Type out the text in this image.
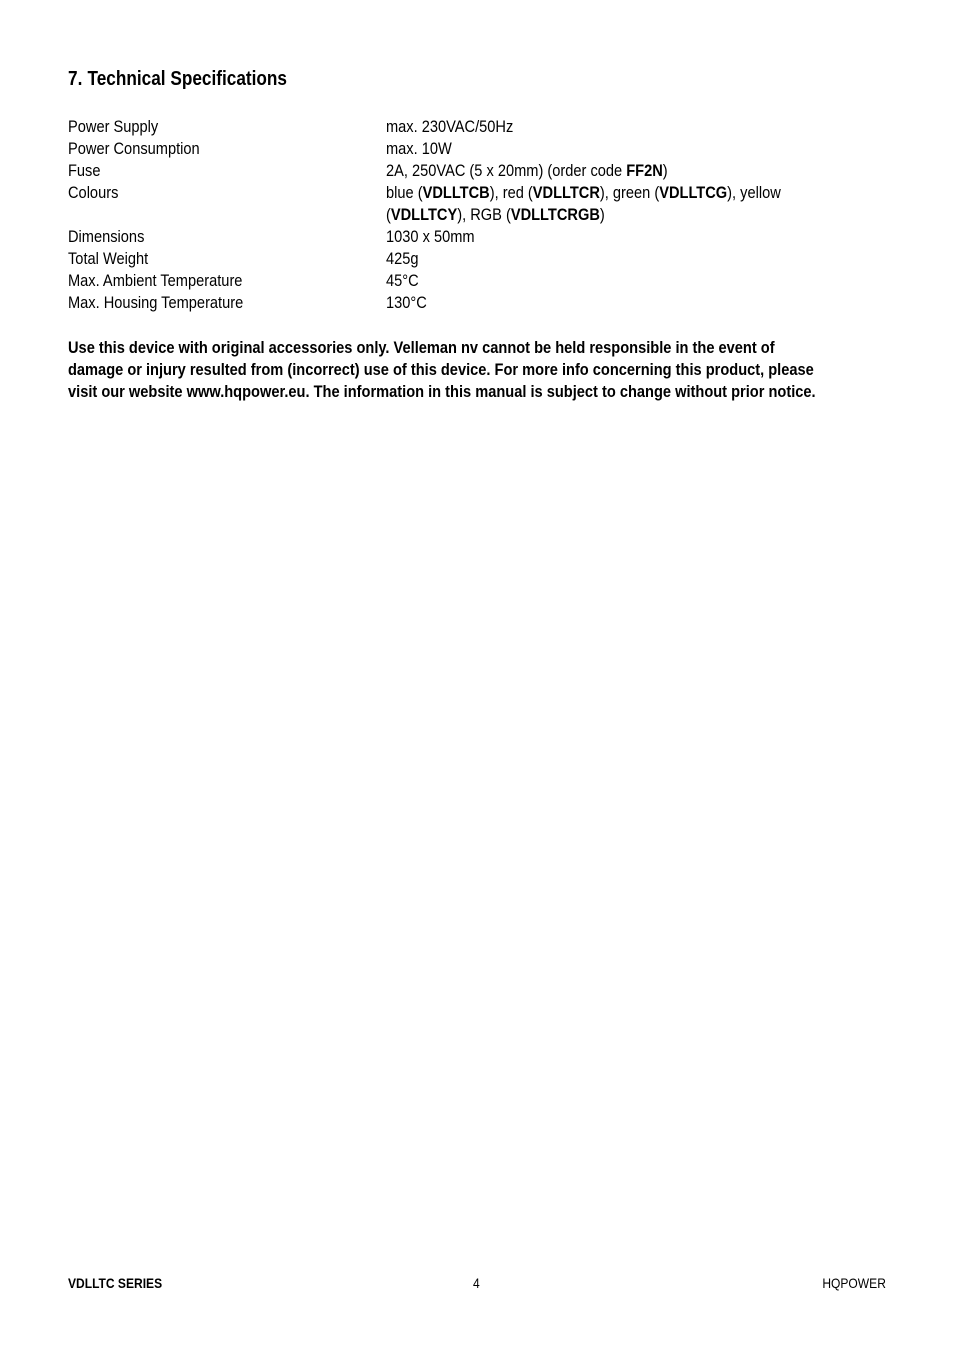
7. Technical Specifications
Power Supply	max. 230VAC/50Hz
Power Consumption	max. 10W
Fuse	2A, 250VAC (5 x 20mm) (order code FF2N)
Colours	blue (VDLLTCB), red (VDLLTCR), green (VDLLTCG), yellow
(VDLLTCY), RGB (VDLLTCRGB)
Dimensions	1030 x 50mm
Total Weight	425g
Max. Ambient Temperature	45°C
Max. Housing Temperature	130°C
Use this device with original accessories only. Velleman nv cannot be held responsible in the event of
damage or injury resulted from (incorrect) use of this device. For more info concerning this product, please
visit our website www.hqpower.eu. The information in this manual is subject to change without prior notice.
VDLLTC SERIES	4	HQPOWER
